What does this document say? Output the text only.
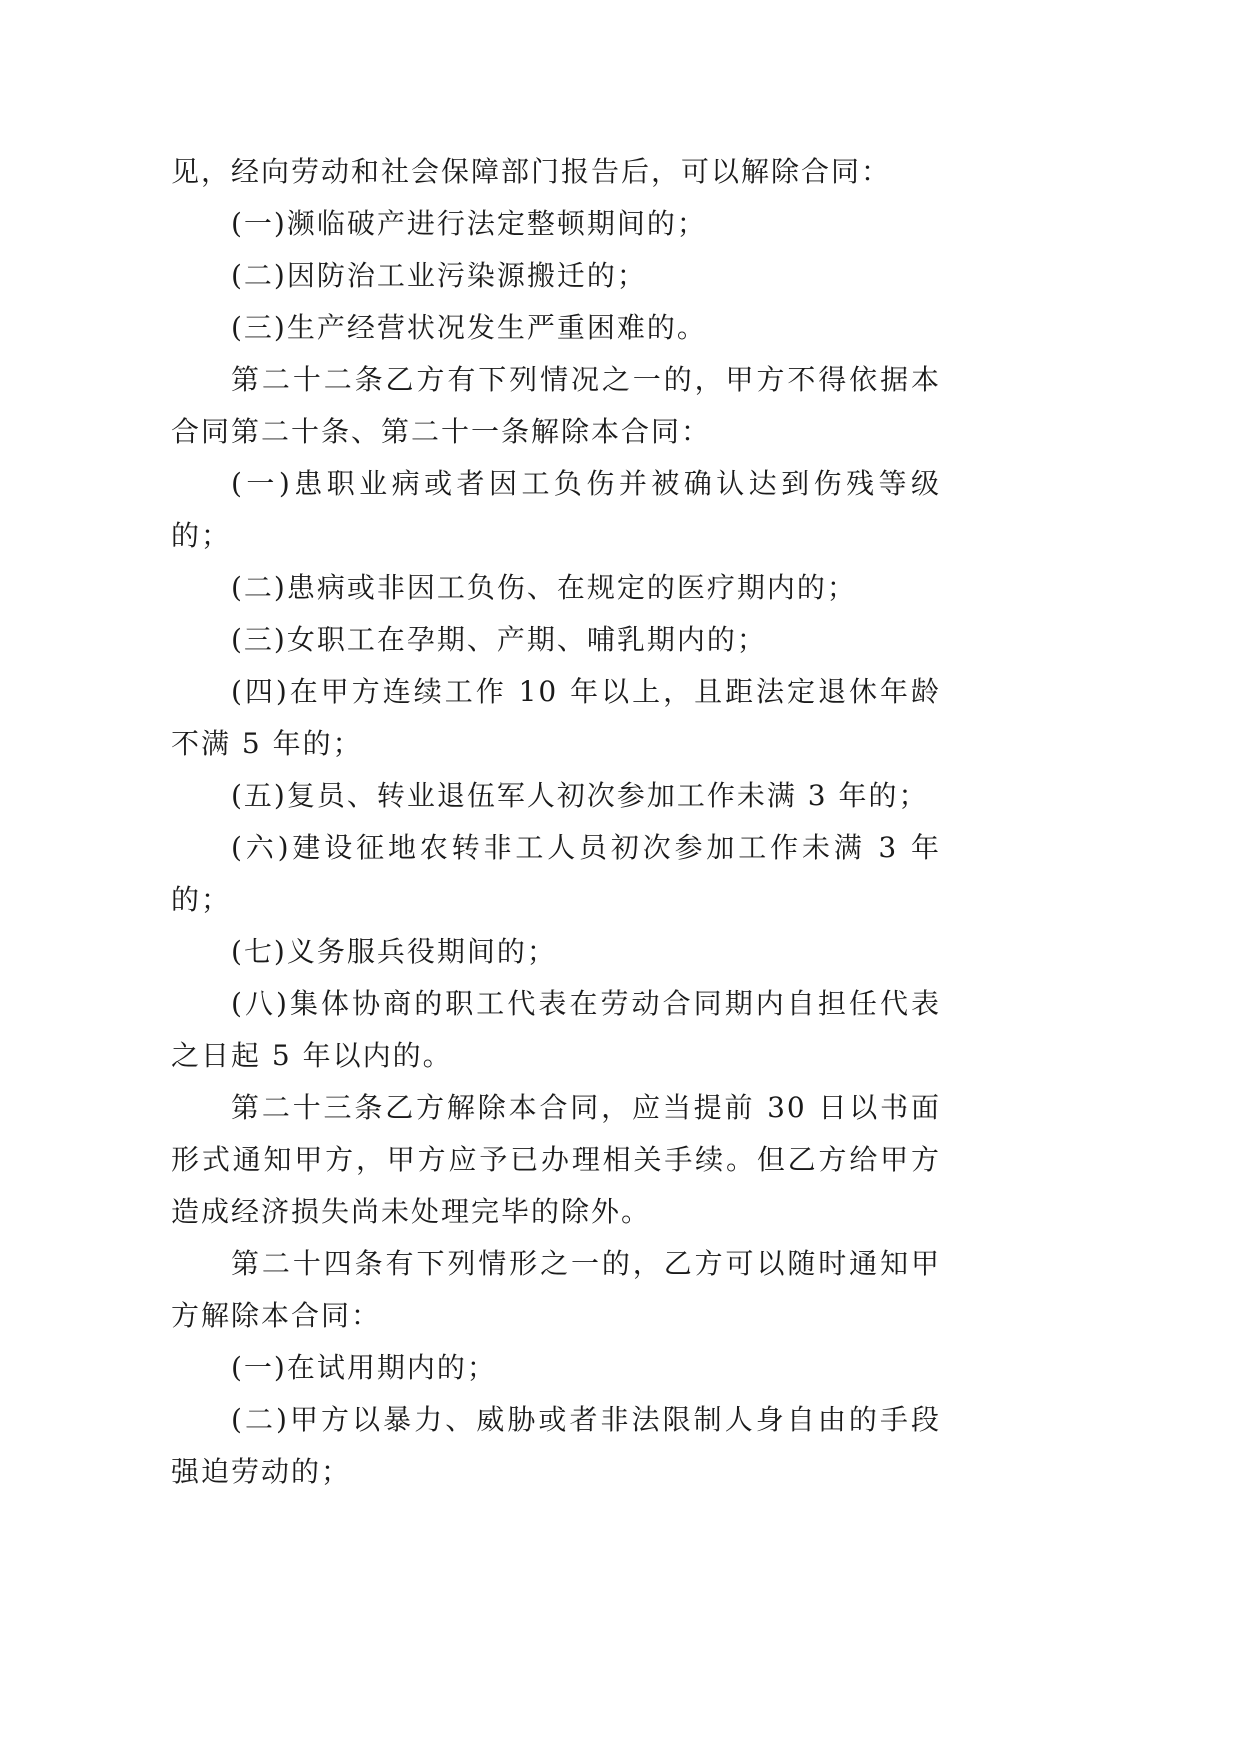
见，经向劳动和社会保障部门报告后，可以解除合同：

(一)濒临破产进行法定整顿期间的；

(二)因防治工业污染源搬迁的；

(三)生产经营状况发生严重困难的。

第二十二条乙方有下列情况之一的，甲方不得依据本合同第二十条、第二十一条解除本合同：

(一)患职业病或者因工负伤并被确认达到伤残等级的；

(二)患病或非因工负伤、在规定的医疗期内的；

(三)女职工在孕期、产期、哺乳期内的；

(四)在甲方连续工作 10 年以上，且距法定退休年龄不满 5 年的；

(五)复员、转业退伍军人初次参加工作未满 3 年的；

(六)建设征地农转非工人员初次参加工作未满 3 年的；

(七)义务服兵役期间的；

(八)集体协商的职工代表在劳动合同期内自担任代表之日起 5 年以内的。

第二十三条乙方解除本合同，应当提前 30 日以书面形式通知甲方，甲方应予已办理相关手续。但乙方给甲方造成经济损失尚未处理完毕的除外。

第二十四条有下列情形之一的，乙方可以随时通知甲方解除本合同：

(一)在试用期内的；

(二)甲方以暴力、威胁或者非法限制人身自由的手段强迫劳动的；
